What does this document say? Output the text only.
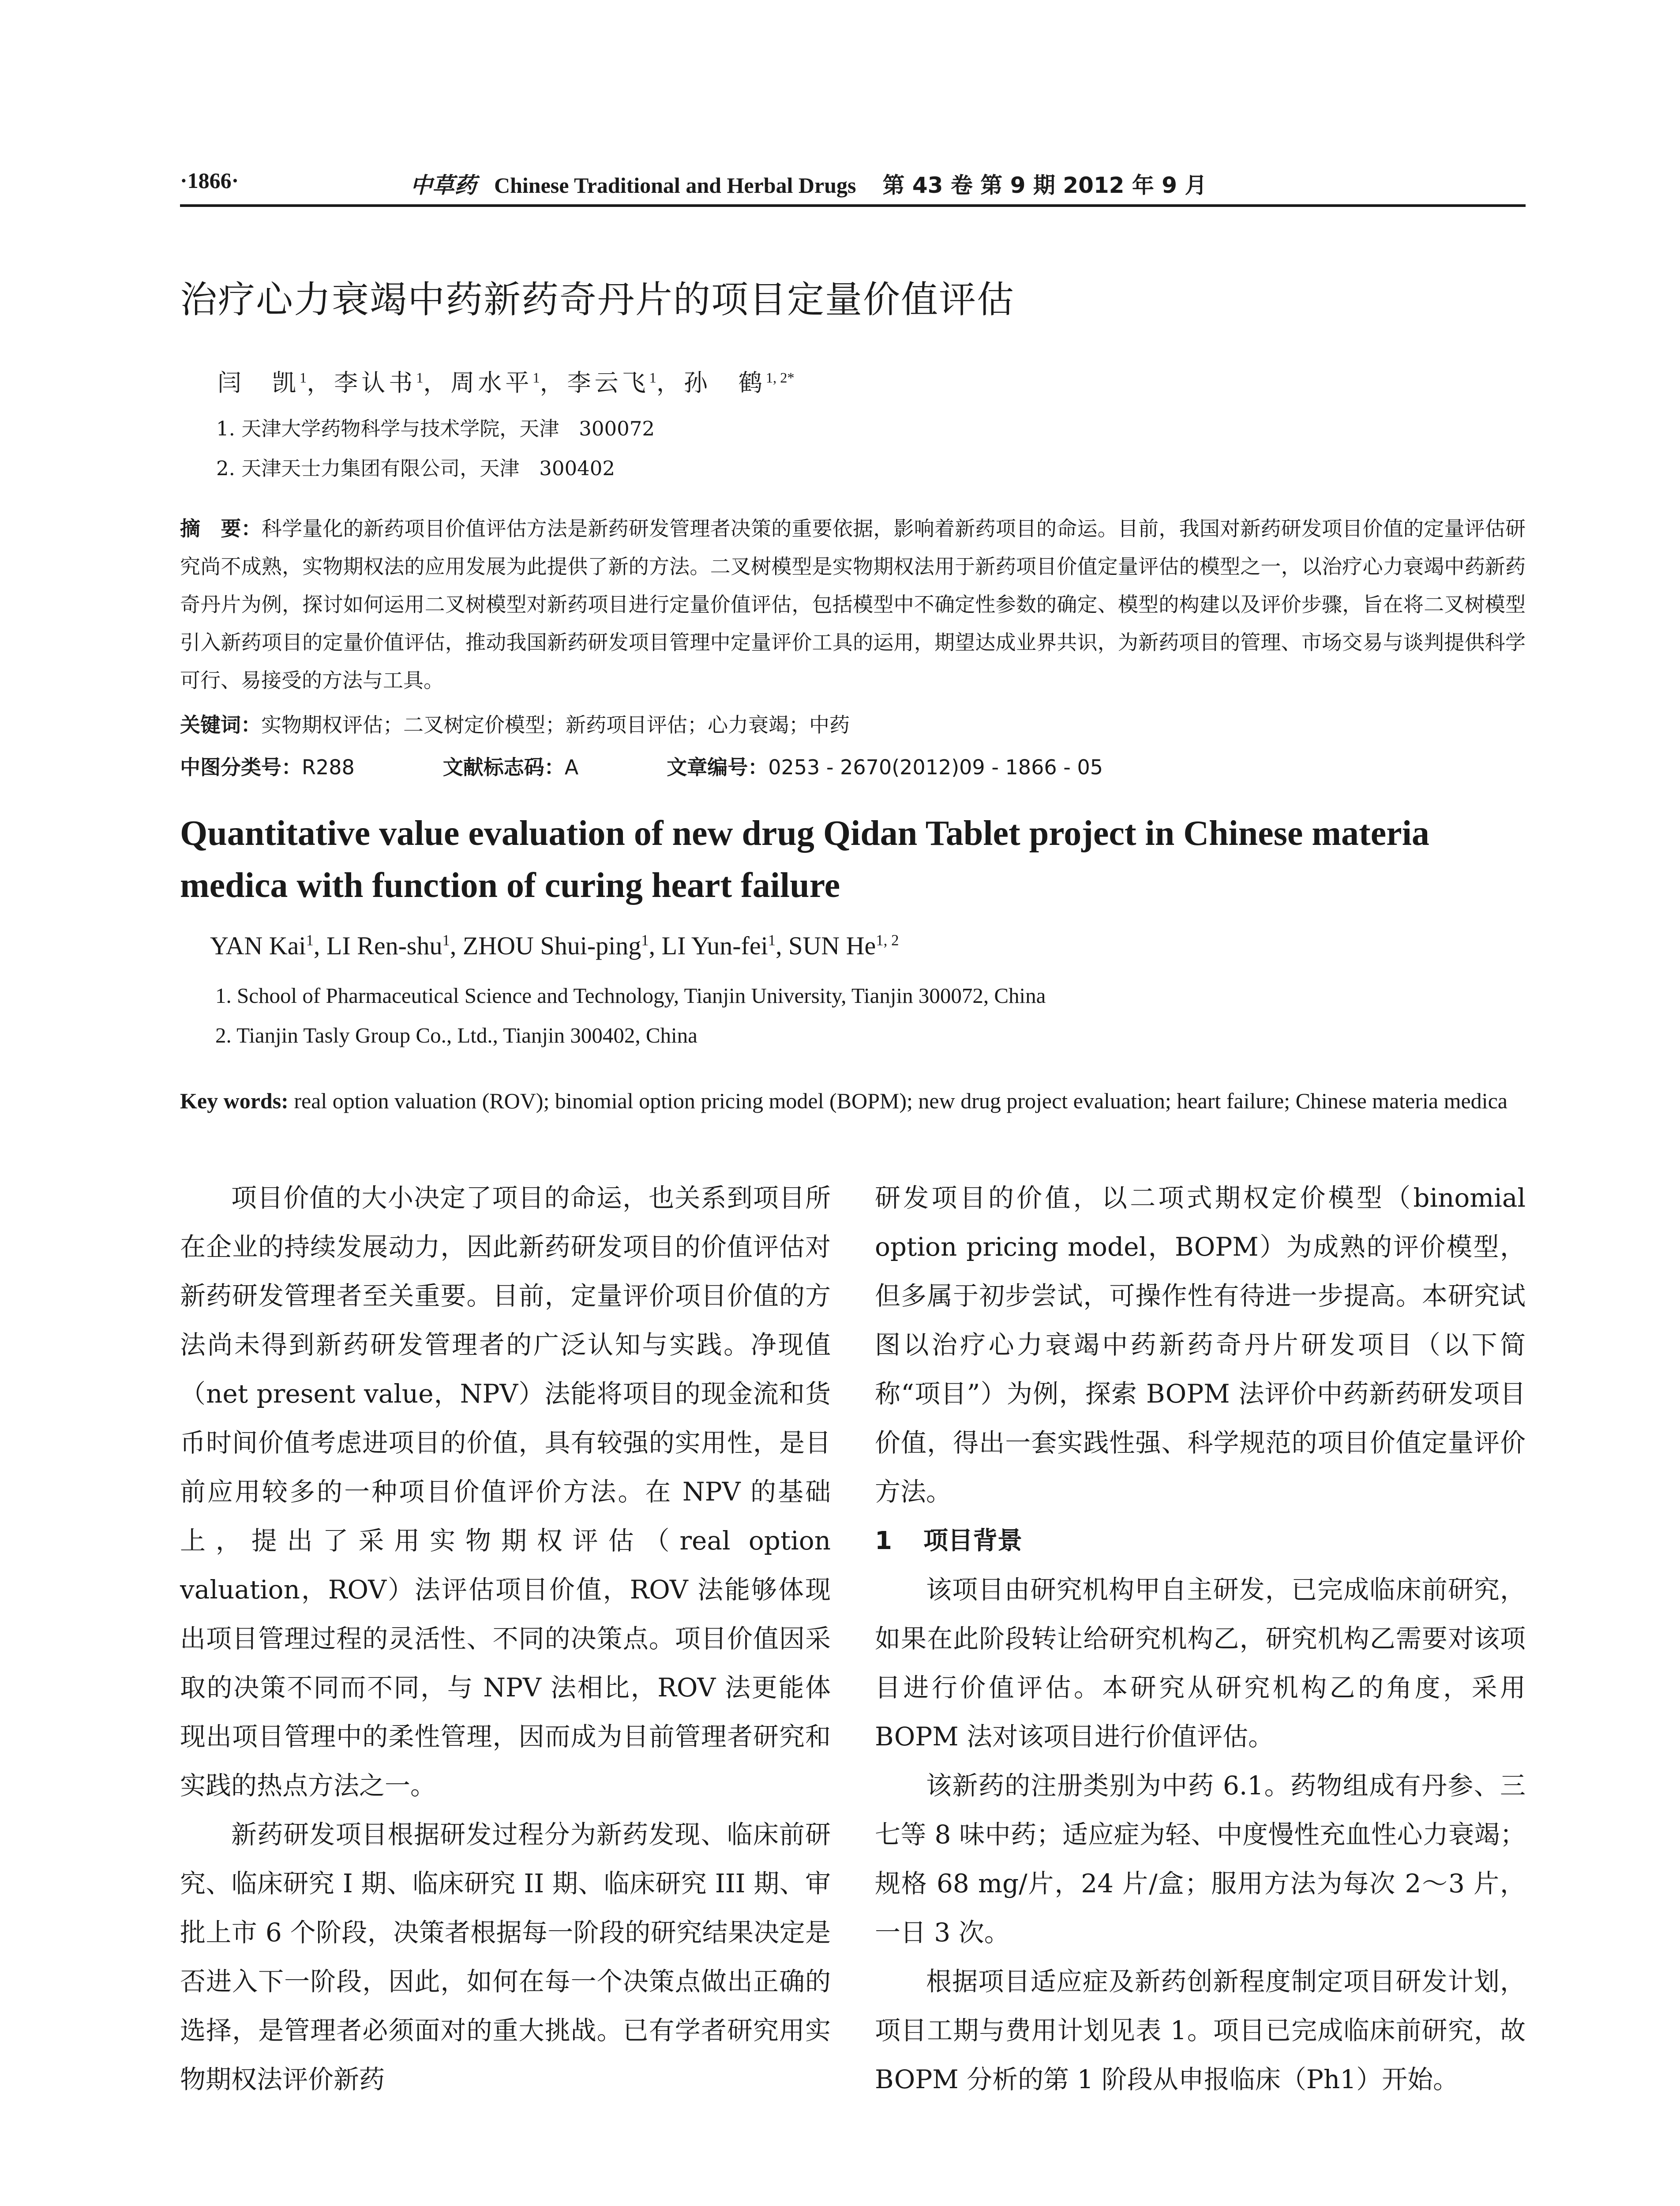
·1866·	中草药 Chinese Traditional and Herbal Drugs 第 43 卷 第 9 期 2012 年 9 月
治疗心力衰竭中药新药奇丹片的项目定量价值评估
闫　凯$^1$，李认书$^1$，周水平$^1$，李云飞$^1$，孙　鹤$^{1, 2*}$
1. 天津大学药物科学与技术学院，天津　300072
2. 天津天士力集团有限公司，天津　300402
摘　要：科学量化的新药项目价值评估方法是新药研发管理者决策的重要依据，影响着新药项目的命运。目前，我国对新药研发项目价值的定量评估研究尚不成熟，实物期权法的应用发展为此提供了新的方法。二叉树模型是实物期权法用于新药项目价值定量评估的模型之一，以治疗心力衰竭中药新药奇丹片为例，探讨如何运用二叉树模型对新药项目进行定量价值评估，包括模型中不确定性参数的确定、模型的构建以及评价步骤，旨在将二叉树模型引入新药项目的定量价值评估，推动我国新药研发项目管理中定量评价工具的运用，期望达成业界共识，为新药项目的管理、市场交易与谈判提供科学可行、易接受的方法与工具。
关键词：实物期权评估；二叉树定价模型；新药项目评估；心力衰竭；中药
中图分类号：R288	文献标志码：A	文章编号：0253 - 2670(2012)09 - 1866 - 05
Quantitative value evaluation of new drug Qidan Tablet project in Chinese materia medica with function of curing heart failure
YAN Kai$^1$, LI Ren-shu$^1$, ZHOU Shui-ping$^1$, LI Yun-fei$^1$, SUN He$^{1, 2}$
1. School of Pharmaceutical Science and Technology, Tianjin University, Tianjin 300072, China
2. Tianjin Tasly Group Co., Ltd., Tianjin 300402, China
Key words: real option valuation (ROV); binomial option pricing model (BOPM); new drug project evaluation; heart failure; Chinese materia medica

项目价值的大小决定了项目的命运，也关系到项目所在企业的持续发展动力，因此新药研发项目的价值评估对新药研发管理者至关重要。目前，定量评价项目价值的方法尚未得到新药研发管理者的广泛认知与实践。净现值（net present value，NPV）法能将项目的现金流和货币时间价值考虑进项目的价值，具有较强的实用性，是目前应用较多的一种项目价值评价方法。在 NPV 的基础上，提出了采用实物期权评估（real option valuation，ROV）法评估项目价值，ROV 法能够体现出项目管理过程的灵活性、不同的决策点。项目价值因采取的决策不同而不同，与 NPV 法相比，ROV 法更能体现出项目管理中的柔性管理，因而成为目前管理者研究和实践的热点方法之一。

新药研发项目根据研发过程分为新药发现、临床前研究、临床研究 I 期、临床研究 II 期、临床研究 III 期、审批上市 6 个阶段，决策者根据每一阶段的研究结果决定是否进入下一阶段，因此，如何在每一个决策点做出正确的选择，是管理者必须面对的重大挑战。已有学者研究用实物期权法评价新药

研发项目的价值，以二项式期权定价模型（binomial option pricing model，BOPM）为成熟的评价模型，但多属于初步尝试，可操作性有待进一步提高。本研究试图以治疗心力衰竭中药新药奇丹片研发项目（以下简称“项目”）为例，探索 BOPM 法评价中药新药研发项目价值，得出一套实践性强、科学规范的项目价值定量评价方法。

1 项目背景

该项目由研究机构甲自主研发，已完成临床前研究，如果在此阶段转让给研究机构乙，研究机构乙需要对该项目进行价值评估。本研究从研究机构乙的角度，采用 BOPM 法对该项目进行价值评估。

该新药的注册类别为中药 6.1。药物组成有丹参、三七等 8 味中药；适应症为轻、中度慢性充血性心力衰竭；规格 68 mg/片，24 片/盒；服用方法为每次 2～3 片，一日 3 次。

根据项目适应症及新药创新程度制定项目研发计划，项目工期与费用计划见表 1。项目已完成临床前研究，故 BOPM 分析的第 1 阶段从申报临床（Ph1）开始。
